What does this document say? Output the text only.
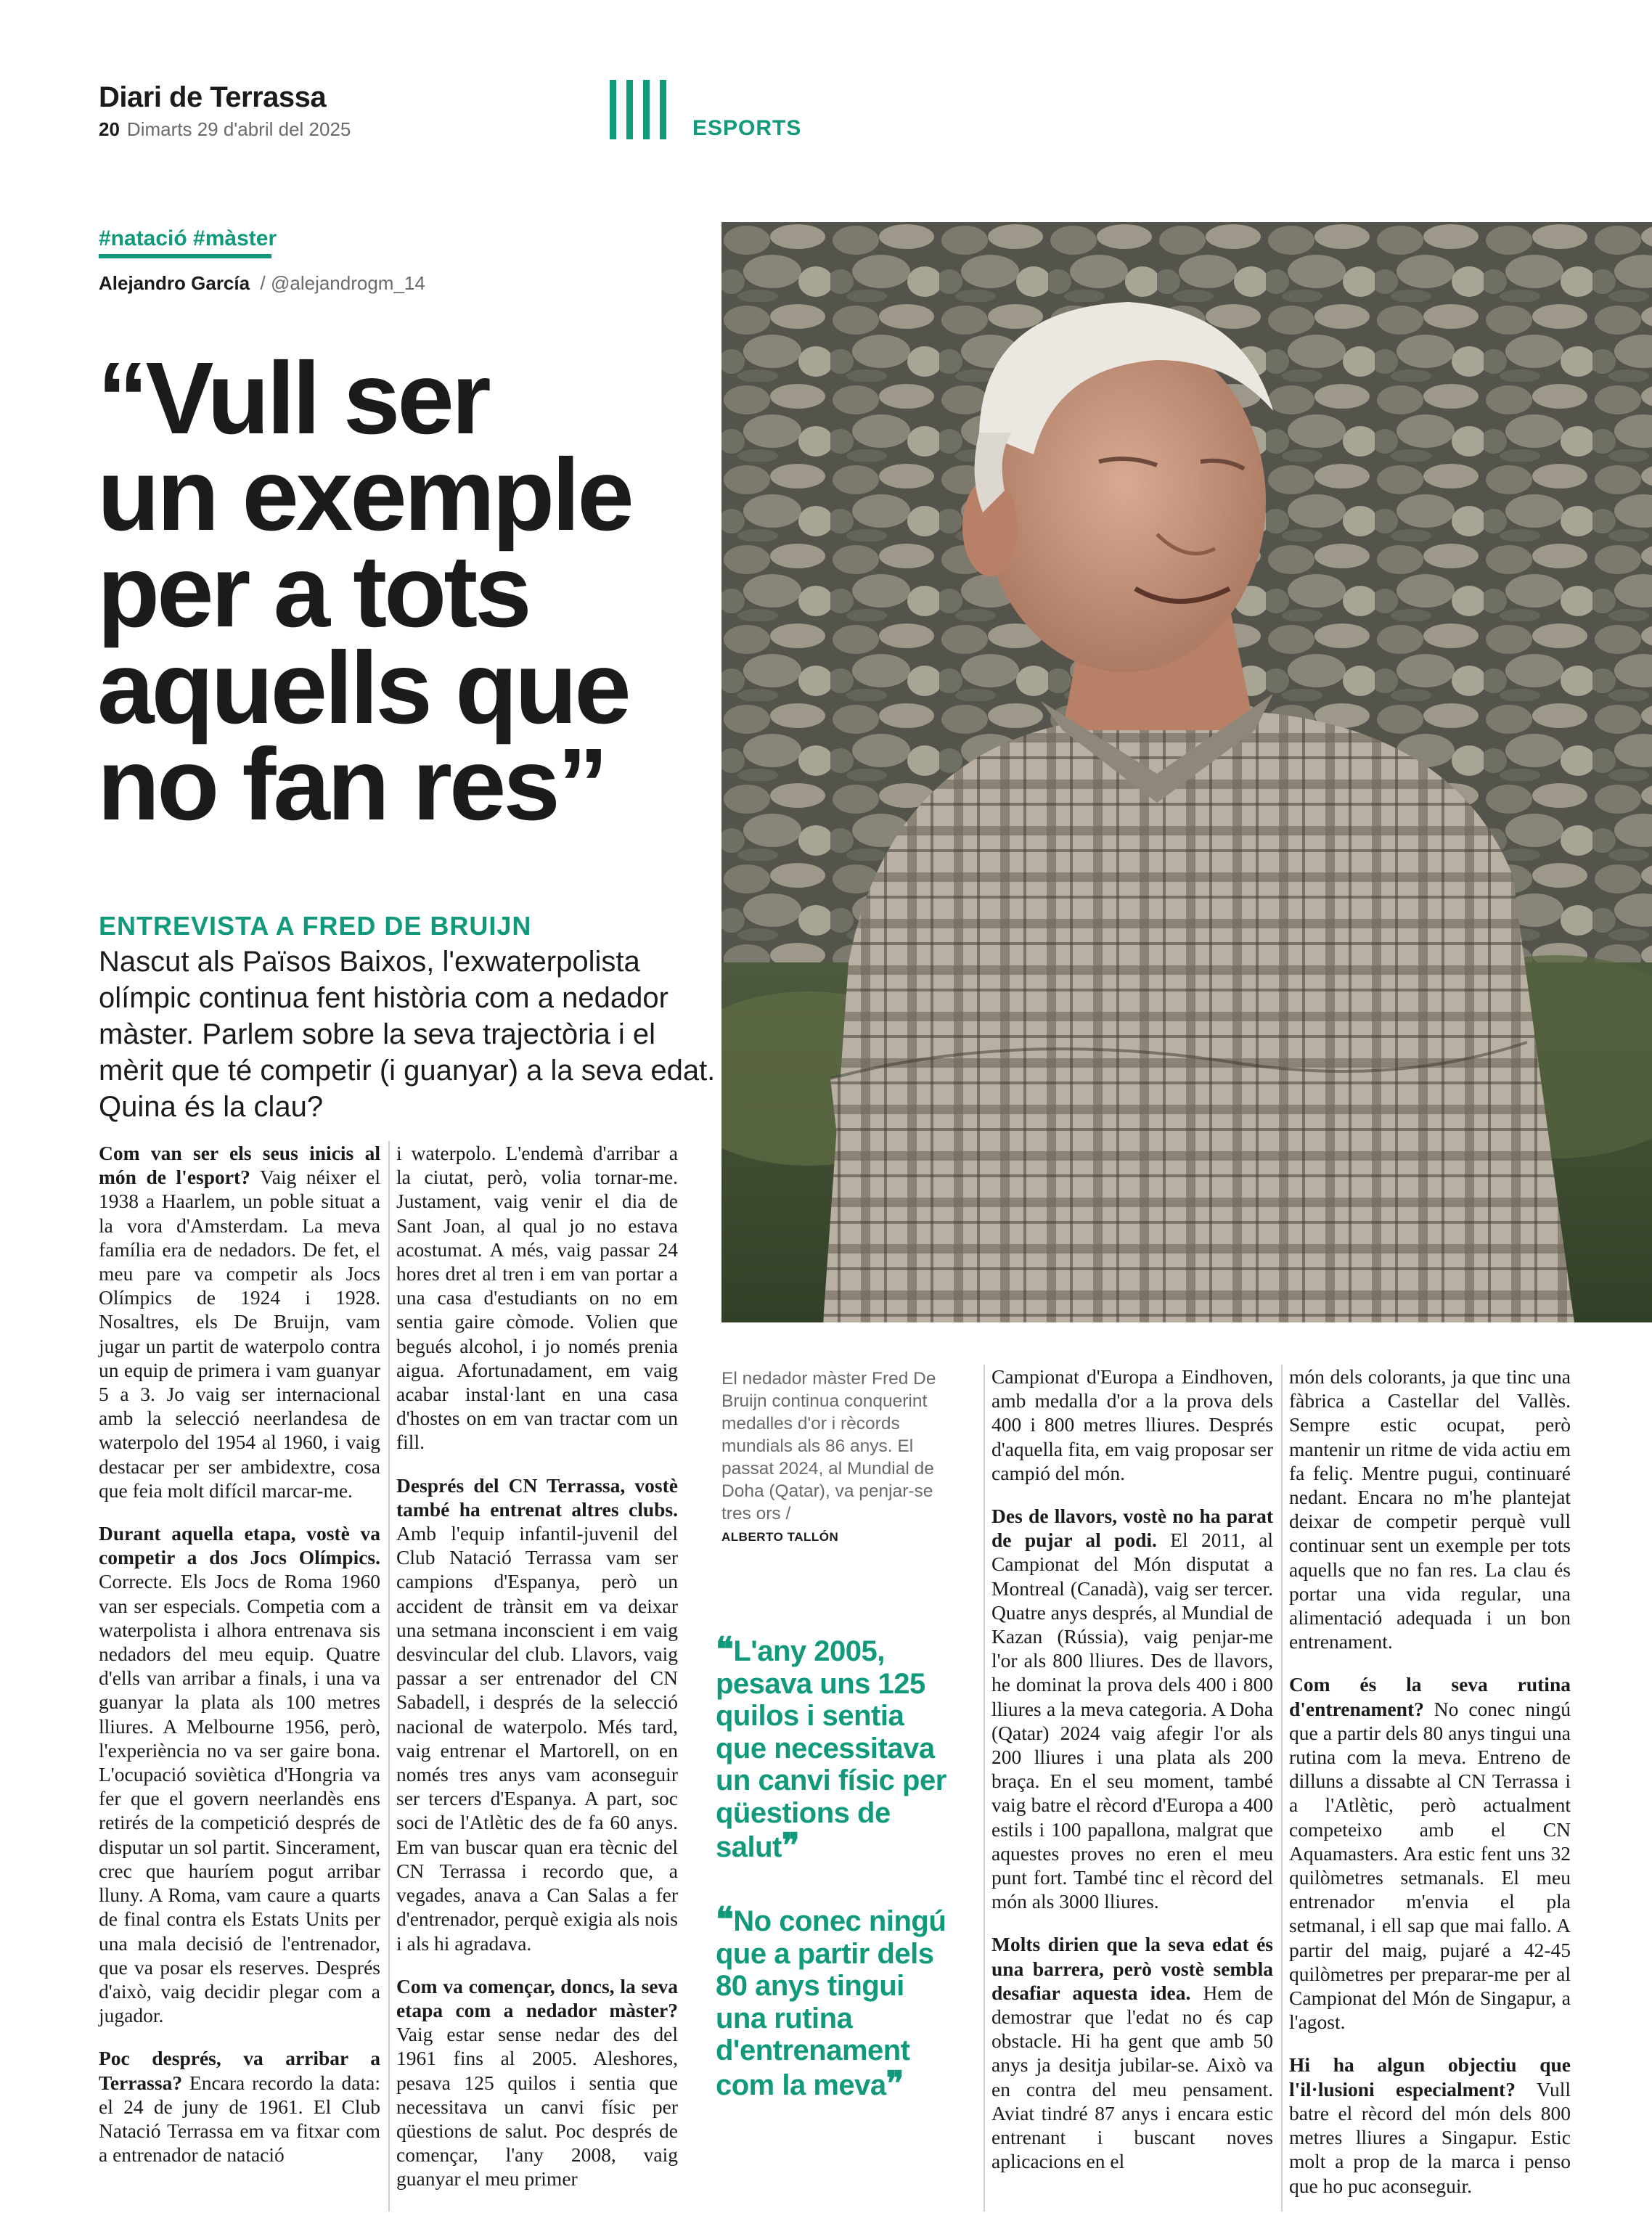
Diari de Terrassa
20 Dimarts 29 d'abril del 2025	ESPORTS
#natació #màster
Alejandro García / @alejandrogm_14
“Vull ser
un exemple
per a tots
aquells que
no fan res”
ENTREVISTA A FRED DE BRUIJN
Nascut als Països Baixos, l'exwaterpolista olímpic continua fent història com a nedador màster. Parlem sobre la seva trajectòria i el mèrit que té competir (i guanyar) a la seva edat. Quina és la clau?
El nedador màster Fred De Bruijn continua conquerint medalles d'or i rècords mundials als 86 anys. El passat 2024, al Mundial de Doha (Qatar), va penjar-se tres ors /
ALBERTO TALLÓN
❝L'any 2005, pesava uns 125 quilos i sentia que necessitava un canvi físic per qüestions de salut❞
❝No conec ningú que a partir dels 80 anys tingui una rutina d'entrenament com la meva❞

Com van ser els seus inicis al món de l'esport? Vaig néixer el 1938 a Haarlem, un poble situat a la vora d'Amsterdam. La meva família era de nedadors. De fet, el meu pare va competir als Jocs Olímpics de 1924 i 1928. Nosaltres, els De Bruijn, vam jugar un partit de waterpolo contra un equip de primera i vam guanyar 5 a 3. Jo vaig ser internacional amb la selecció neerlandesa de waterpolo del 1954 al 1960, i vaig destacar per ser ambidextre, cosa que feia molt difícil marcar-me.

Durant aquella etapa, vostè va competir a dos Jocs Olímpics. Correcte. Els Jocs de Roma 1960 van ser especials. Competia com a waterpolista i alhora entrenava sis nedadors del meu equip. Quatre d'ells van arribar a finals, i una va guanyar la plata als 100 metres lliures. A Melbourne 1956, però, l'experiència no va ser gaire bona. L'ocupació soviètica d'Hongria va fer que el govern neerlandès ens retirés de la competició després de disputar un sol partit. Sincerament, crec que hauríem pogut arribar lluny. A Roma, vam caure a quarts de final contra els Estats Units per una mala decisió de l'entrenador, que va posar els reserves. Després d'això, vaig decidir plegar com a jugador.

Poc després, va arribar a Terrassa? Encara recordo la data: el 24 de juny de 1961. El Club Natació Terrassa em va fitxar com a entrenador de natació

i waterpolo. L'endemà d'arribar a la ciutat, però, volia tornar-me. Justament, vaig venir el dia de Sant Joan, al qual jo no estava acostumat. A més, vaig passar 24 hores dret al tren i em van portar a una casa d'estudiants on no em sentia gaire còmode. Volien que begués alcohol, i jo només prenia aigua. Afortunadament, em vaig acabar instal·lant en una casa d'hostes on em van tractar com un fill.

Després del CN Terrassa, vostè també ha entrenat altres clubs. Amb l'equip infantil-juvenil del Club Natació Terrassa vam ser campions d'Espanya, però un accident de trànsit em va deixar una setmana inconscient i em vaig desvincular del club. Llavors, vaig passar a ser entrenador del CN Sabadell, i després de la selecció nacional de waterpolo. Més tard, vaig entrenar el Martorell, on en només tres anys vam aconseguir ser tercers d'Espanya. A part, soc soci de l'Atlètic des de fa 60 anys. Em van buscar quan era tècnic del CN Terrassa i recordo que, a vegades, anava a Can Salas a fer d'entrenador, perquè exigia als nois i als hi agradava.

Com va començar, doncs, la seva etapa com a nedador màster? Vaig estar sense nedar des del 1961 fins al 2005. Aleshores, pesava 125 quilos i sentia que necessitava un canvi físic per qüestions de salut. Poc després de començar, l'any 2008, vaig guanyar el meu primer

Campionat d'Europa a Eindhoven, amb medalla d'or a la prova dels 400 i 800 metres lliures. Després d'aquella fita, em vaig proposar ser campió del món.

Des de llavors, vostè no ha parat de pujar al podi. El 2011, al Campionat del Món disputat a Montreal (Canadà), vaig ser tercer. Quatre anys després, al Mundial de Kazan (Rússia), vaig penjar-me l'or als 800 lliures. Des de llavors, he dominat la prova dels 400 i 800 lliures a la meva categoria. A Doha (Qatar) 2024 vaig afegir l'or als 200 lliures i una plata als 200 braça. En el seu moment, també vaig batre el rècord d'Europa a 400 estils i 100 papallona, malgrat que aquestes proves no eren el meu punt fort. També tinc el rècord del món als 3000 lliures.

Molts dirien que la seva edat és una barrera, però vostè sembla desafiar aquesta idea. Hem de demostrar que l'edat no és cap obstacle. Hi ha gent que amb 50 anys ja desitja jubilar-se. Això va en contra del meu pensament. Aviat tindré 87 anys i encara estic entrenant i buscant noves aplicacions en el

món dels colorants, ja que tinc una fàbrica a Castellar del Vallès. Sempre estic ocupat, però mantenir un ritme de vida actiu em fa feliç. Mentre pugui, continuaré nedant. Encara no m'he plantejat deixar de competir perquè vull continuar sent un exemple per tots aquells que no fan res. La clau és portar una vida regular, una alimentació adequada i un bon entrenament.

Com és la seva rutina d'entrenament? No conec ningú que a partir dels 80 anys tingui una rutina com la meva. Entreno de dilluns a dissabte al CN Terrassa i a l'Atlètic, però actualment competeixo amb el CN Aquamasters. Ara estic fent uns 32 quilòmetres setmanals. El meu entrenador m'envia el pla setmanal, i ell sap que mai fallo. A partir del maig, pujaré a 42-45 quilòmetres per preparar-me per al Campionat del Món de Singapur, a l'agost.

Hi ha algun objectiu que l'il·lusioni especialment? Vull batre el rècord del món dels 800 metres lliures a Singapur. Estic molt a prop de la marca i penso que ho puc aconseguir.
